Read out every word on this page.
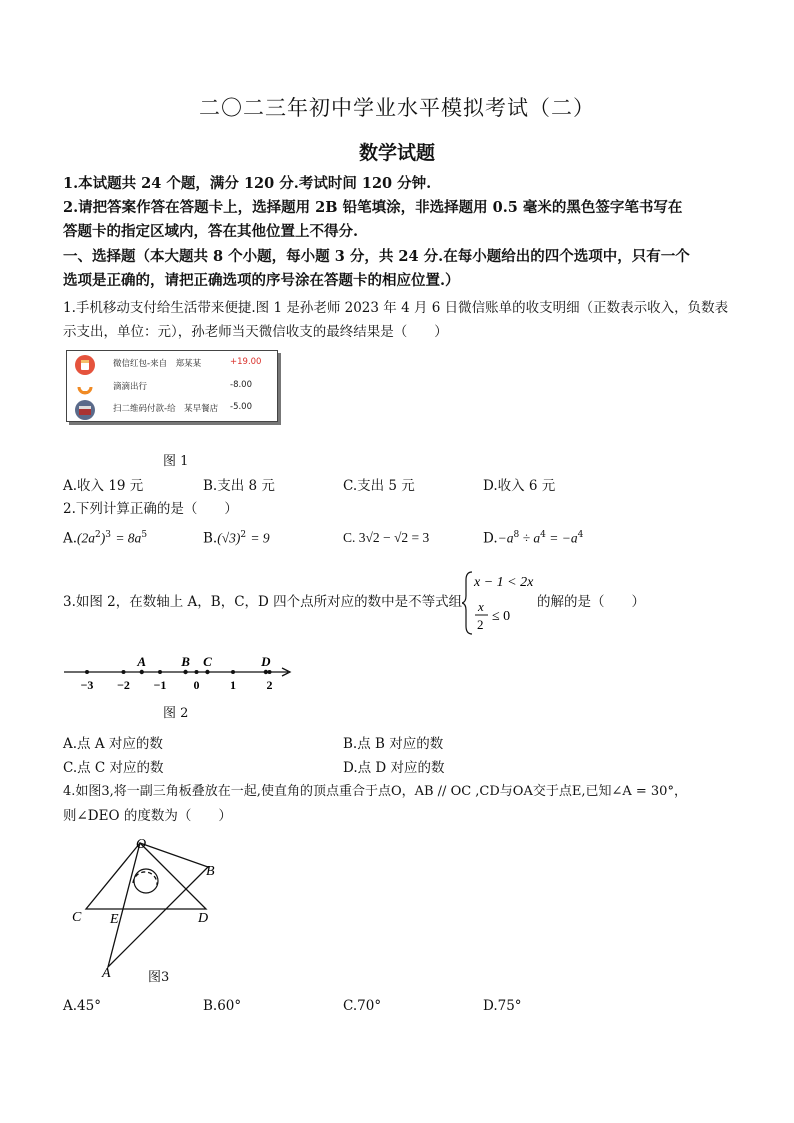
二〇二三年初中学业水平模拟考试（二）
数学试题
1.本试题共 24 个题，满分 120 分.考试时间 120 分钟.
2.请把答案作答在答题卡上，选择题用 2B 铅笔填涂，非选择题用 0.5 毫米的黑色签字笔书写在
答题卡的指定区域内，答在其他位置上不得分.
一、选择题（本大题共 8 个小题，每小题 3 分，共 24 分.在每小题给出的四个选项中，只有一个
选项是正确的，请把正确选项的序号涂在答题卡的相应位置.）
1.手机移动支付给生活带来便捷.图 1 是孙老师 2023 年 4 月 6 日微信账单的收支明细（正数表示收入，负数表
示支出，单位：元），孙老师当天微信收支的最终结果是（　　）
微信红包-来自　郑某某	+19.00
滴滴出行	-8.00
扫二维码付款-给　某早餐店 -5.00
图 1
A.收入 19 元	B.支出 8 元	C.支出 5 元	D.收入 6 元
2.下列计算正确的是（　　）
$A.(2a^2)^3 = 8a^5$	$B.(√3)^2 = 9$	C. 3√2 − √2 = 3	$D.-a^8 \div a^4 = -a^4$
3.如图 2，在数轴上 A，B，C，D 四个点所对应的数中是不等式组
x − 1 < 2x
x
2
≤ 0
的解的是（　　）
−3 −2 −1 0	1	2
A	B C	D
图 2
A.点 A 对应的数	B.点 B 对应的数
C.点 C 对应的数	D.点 D 对应的数
4.如图3,将一副三角板叠放在一起,使直角的顶点重合于点O，AB // OC ,CD与OA交于点E,已知∠A = 30°，
则∠DEO 的度数为（　　）
O
B
C E	D
A	图3
A.45°	B.60°	C.70°	D.75°
